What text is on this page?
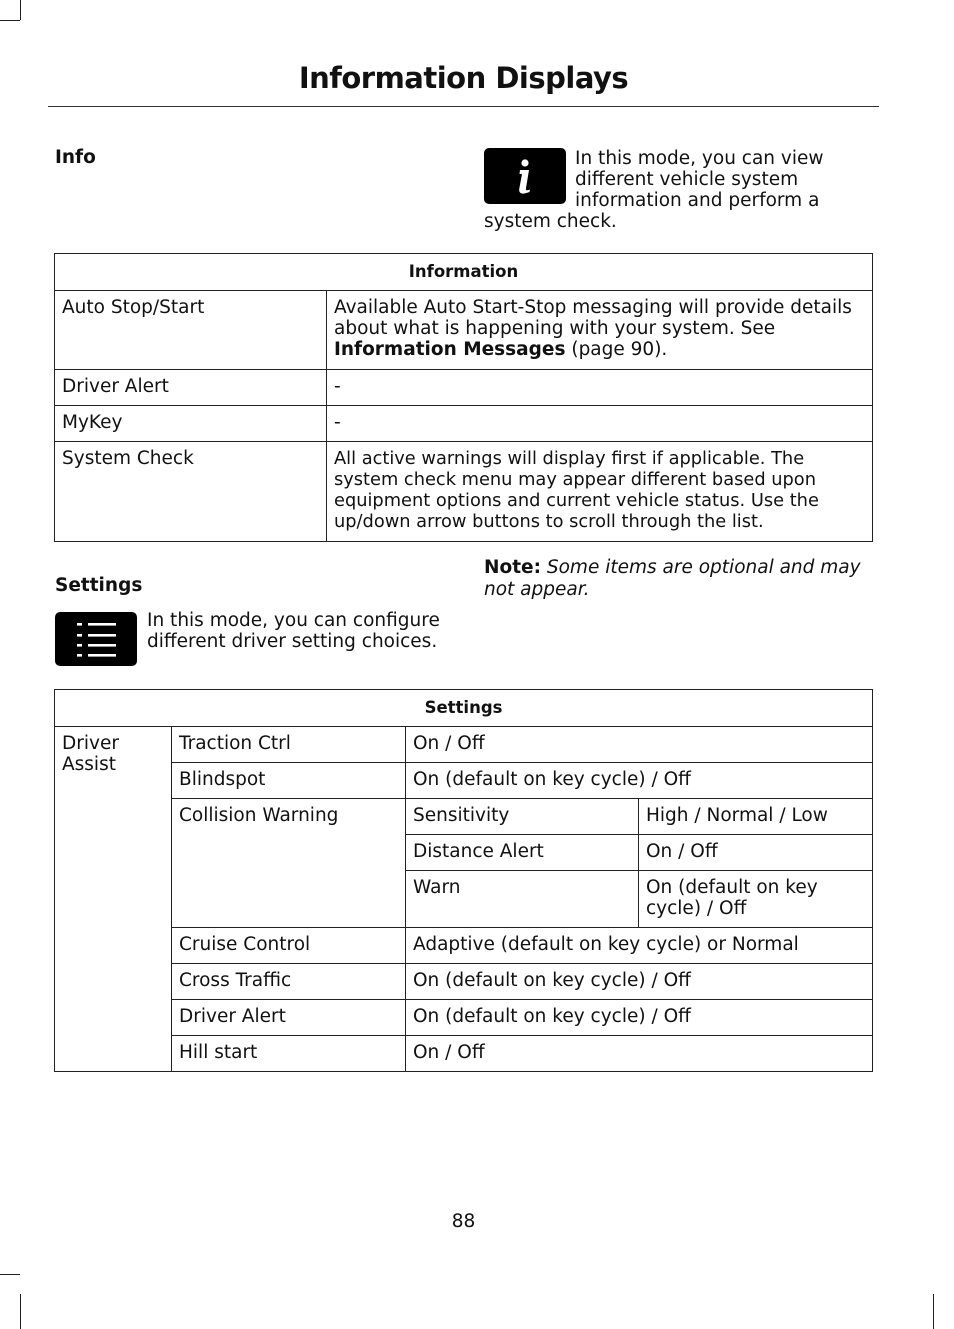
Information Displays
Info	In this mode, you can view different vehicle system information and perform a system check.
Information	
Auto Stop/Start	Available Auto Start-Stop messaging will provide details about what is happening with your system. See Information Messages (page 90).
Driver Alert	-
MyKey	-
System Check	All active warnings will display first if applicable. The system check menu may appear different based upon equipment options and current vehicle status. Use the up/down arrow buttons to scroll through the list.
Settings
In this mode, you can configure different driver setting choices.
Note: Some items are optional and may not appear.
Settings			
Driver Assist	Traction Ctrl	On / Off	
	Blindspot	On (default on key cycle) / Off	
	Collision Warning	Sensitivity	High / Normal / Low
		Distance Alert	On / Off
		Warn	On (default on key cycle) / Off
	Cruise Control	Adaptive (default on key cycle) or Normal	
	Cross Traffic	On (default on key cycle) / Off	
	Driver Alert	On (default on key cycle) / Off	
	Hill start	On / Off	
88
